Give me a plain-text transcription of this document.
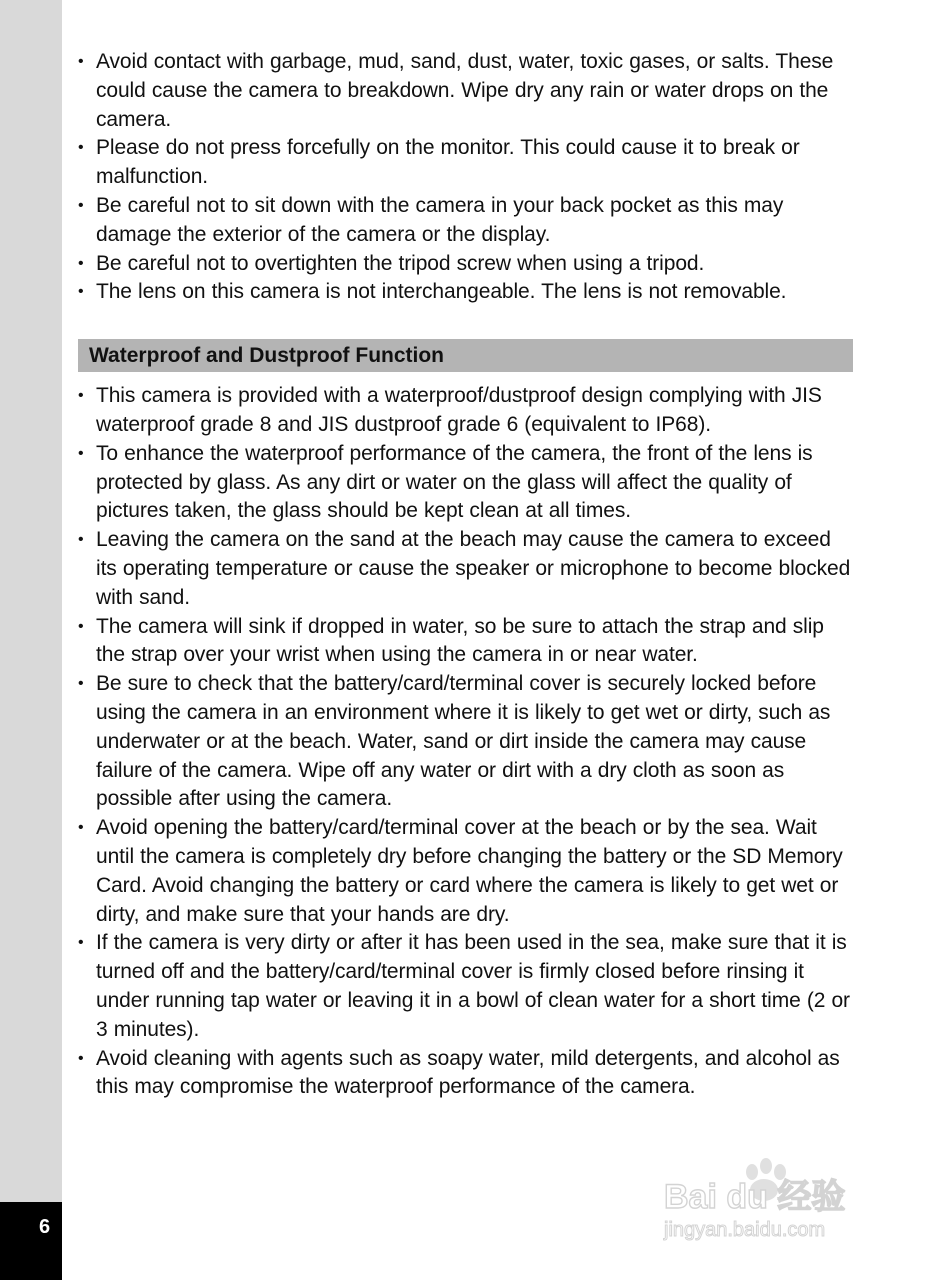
6
• Avoid contact with garbage, mud, sand, dust, water, toxic gases, or salts. These could cause the camera to breakdown. Wipe dry any rain or water drops on the camera.
• Please do not press forcefully on the monitor. This could cause it to break or malfunction.
• Be careful not to sit down with the camera in your back pocket as this may damage the exterior of the camera or the display.
• Be careful not to overtighten the tripod screw when using a tripod.
• The lens on this camera is not interchangeable. The lens is not removable.
Waterproof and Dustproof Function
• This camera is provided with a waterproof/dustproof design complying with JIS waterproof grade 8 and JIS dustproof grade 6 (equivalent to IP68).
• To enhance the waterproof performance of the camera, the front of the lens is protected by glass. As any dirt or water on the glass will affect the quality of pictures taken, the glass should be kept clean at all times.
• Leaving the camera on the sand at the beach may cause the camera to exceed its operating temperature or cause the speaker or microphone to become blocked with sand.
• The camera will sink if dropped in water, so be sure to attach the strap and slip the strap over your wrist when using the camera in or near water.
• Be sure to check that the battery/card/terminal cover is securely locked before using the camera in an environment where it is likely to get wet or dirty, such as underwater or at the beach. Water, sand or dirt inside the camera may cause failure of the camera. Wipe off any water or dirt with a dry cloth as soon as possible after using the camera.
• Avoid opening the battery/card/terminal cover at the beach or by the sea. Wait until the camera is completely dry before changing the battery or the SD Memory Card. Avoid changing the battery or card where the camera is likely to get wet or dirty, and make sure that your hands are dry.
• If the camera is very dirty or after it has been used in the sea, make sure that it is turned off and the battery/card/terminal cover is firmly closed before rinsing it under running tap water or leaving it in a bowl of clean water for a short time (2 or 3 minutes).
• Avoid cleaning with agents such as soapy water, mild detergents, and alcohol as this may compromise the waterproof performance of the camera.
Bai du 经验
jingyan.baidu.com
